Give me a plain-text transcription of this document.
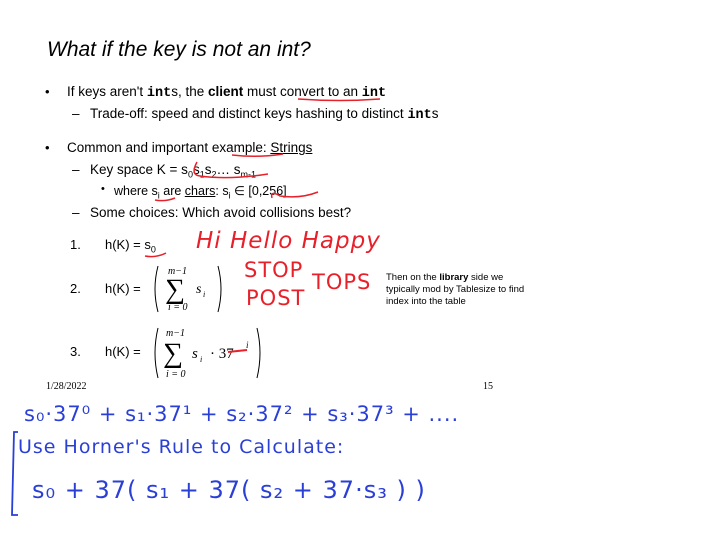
What if the key is not an int?
• If keys aren't ints, the client must convert to an int
– Trade-off: speed and distinct keys hashing to distinct ints
• Common and important example: Strings
– Key space $K = s_0s_1s_2\dots$ $s_{m-1}$
• where $s_i$ are chars: $s_i$ ∈ [0,256]
– Some choices: Which avoid collisions best?
1. $h(K) = s_0$
2. h(K) =
m−1
∑
i = 0
s i
Then on the library side we typically mod by Tablesize to find index into the table
3. h(K) =
m−1
∑
i = 0
s i · 37
i
1/28/2022	15
Hi Hello Happy
STOP TOPS
POST
s₀·37⁰ + s₁·37¹ + s₂·37² + s₃·37³ + ....
Use Horner's Rule to Calculate:
s₀ + 37( s₁ + 37( s₂ + 37·s₃ ) )
